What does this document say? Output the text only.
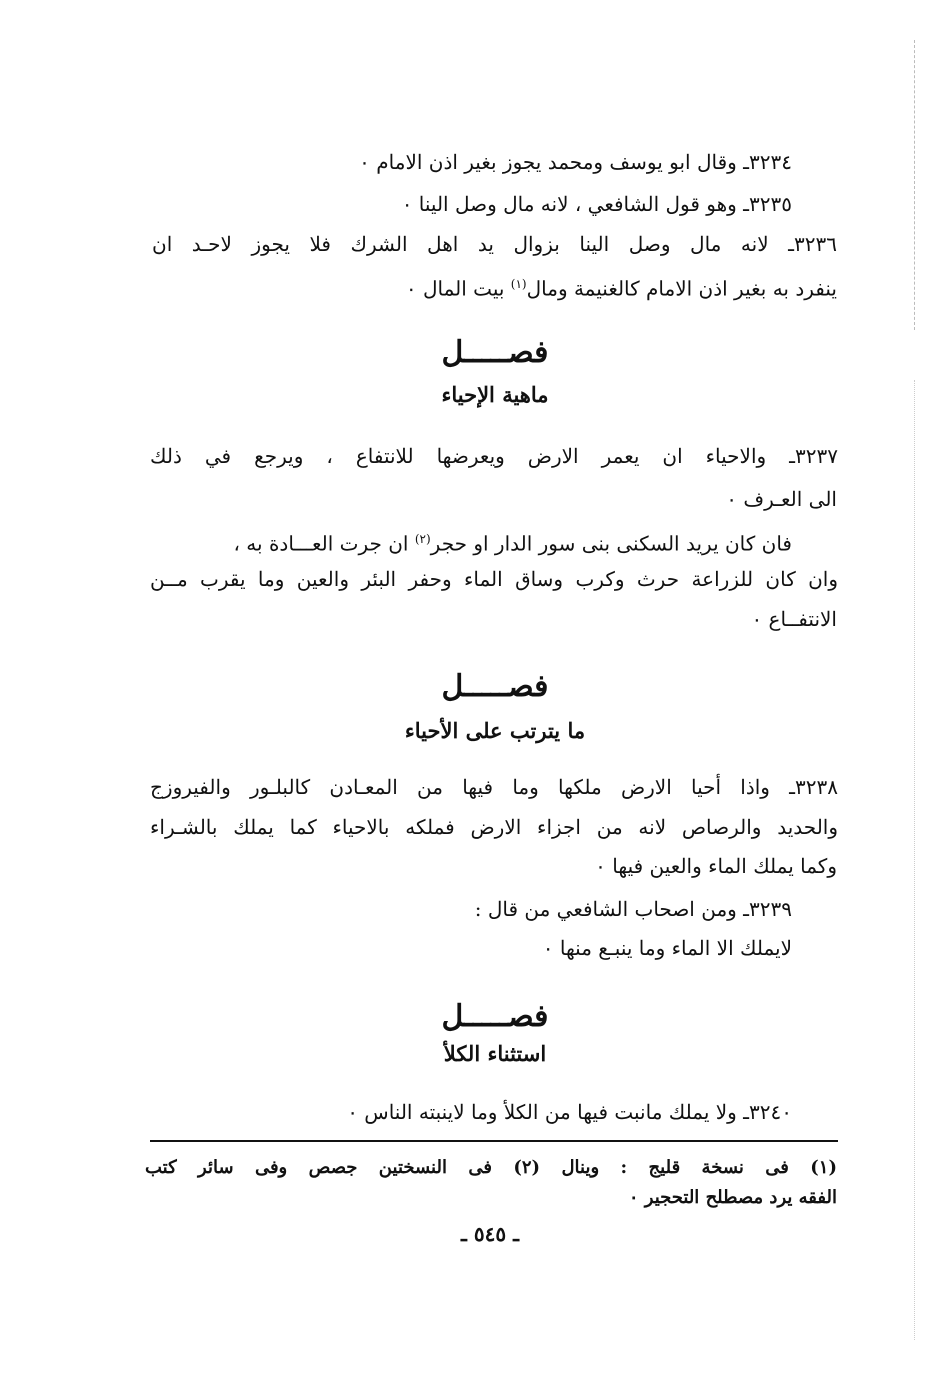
٣٢٣٤ـ وقال ابو يوسف ومحمد يجوز بغير اذن الامام ٠
٣٢٣٥ـ وهو قول الشافعي ، لانه مال وصل الينا ٠
٣٢٣٦ـ لانه مال وصل الينا بزوال يد اهل الشرك فلا يجوز لاحـد ان
ينفرد به بغير اذن الامام كالغنيمة ومال$^{(١)}$ بيت المال ٠
فصـــــل
ماهية الإحياء
٣٢٣٧ـ والاحياء ان يعمر الارض ويعرضها للانتفاع ، ويرجع في ذلك
الى العـرف ٠
فان كان يريد السكنى بنى سور الدار او حجر$^{(٢)}$ ان جرت العـــادة به ،
وان كان للزراعة حرث وكرب وساق الماء وحفر البئر والعين وما يقرب مــن
الانتفــاع ٠
فصـــــل
ما يترتب على الأحياء
٣٢٣٨ـ واذا أحيا الارض ملكها وما فيها من المعـادن كالبلـور والفيروزج
والحديد والرصاص لانه من اجزاء الارض فملكه بالاحياء كما يملك بالشـراء
وكما يملك الماء والعين فيها ٠
٣٢٣٩ـ ومن اصحاب الشافعي من قال :
لايملك الا الماء وما ينبـع منها ٠
فصـــــل
استثناء الكلأ
٣٢٤٠ـ ولا يملك مانبت فيها من الكلأ وما لاينبته الناس ٠
(١) فى نسخة قليج : وينال (٢) فى النسختين جصص وفى سائر كتب
الفقه يرد مصطلح التحجير ٠
ـ ٥٤٥ ـ
